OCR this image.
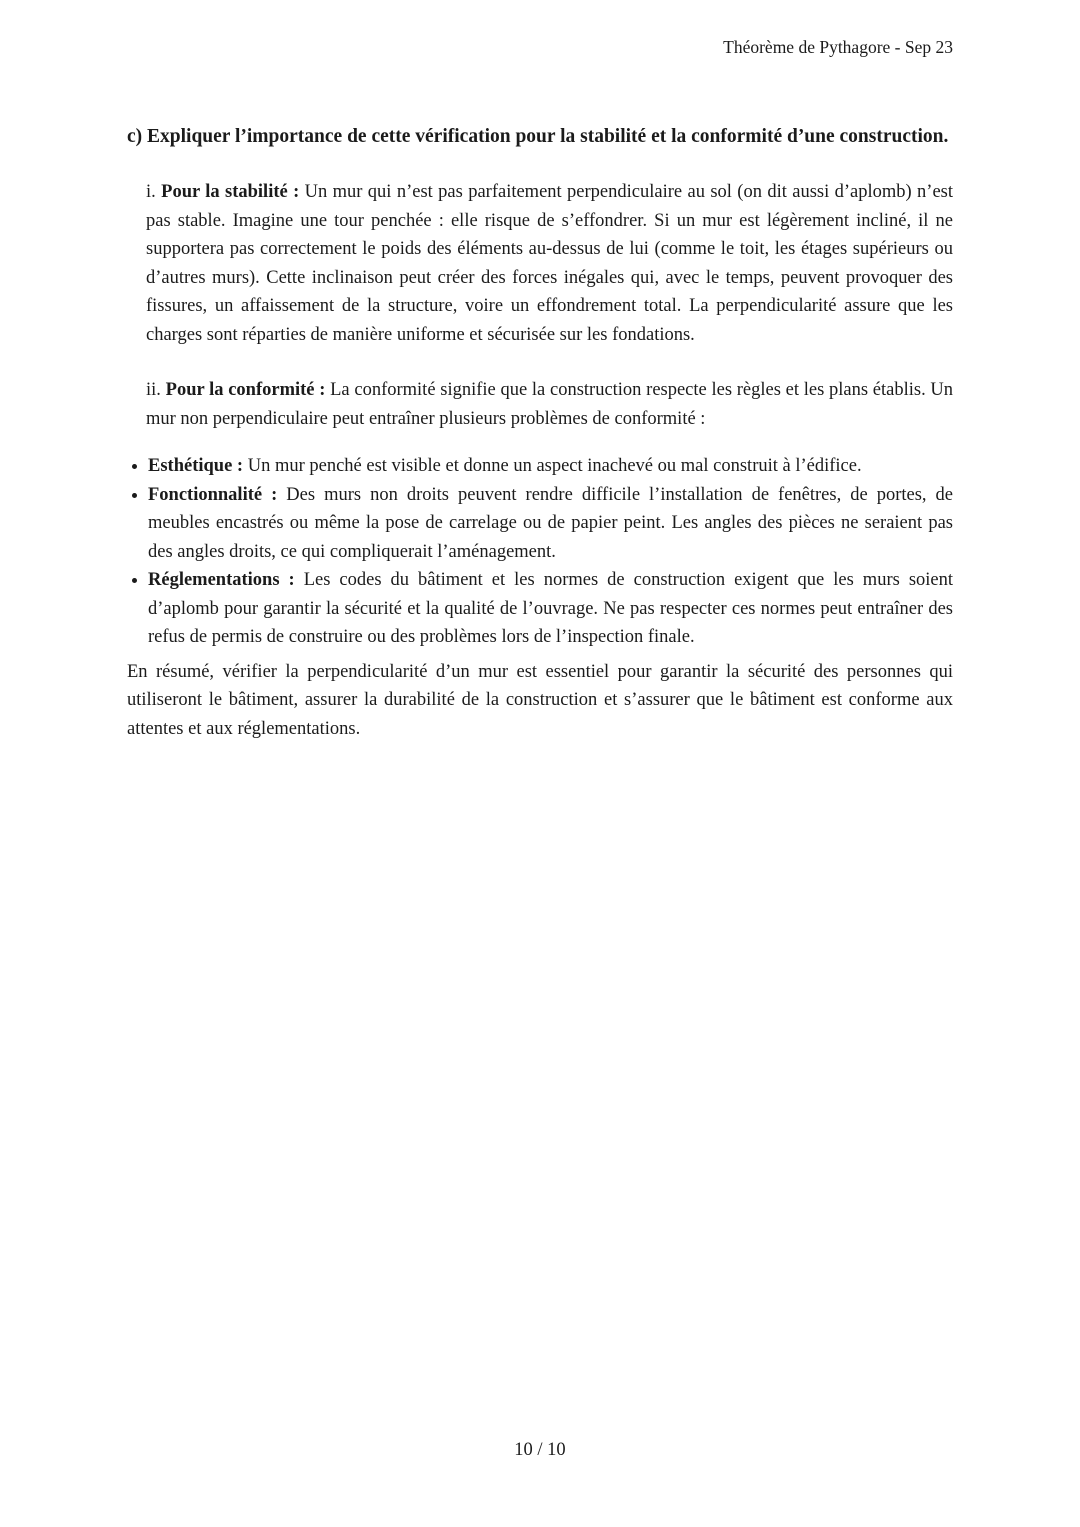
Théorème de Pythagore - Sep 23
c) Expliquer l’importance de cette vérification pour la stabilité et la conformité d’une construction.

i. Pour la stabilité : Un mur qui n’est pas parfaitement perpendiculaire au sol (on dit aussi d’aplomb) n’est pas stable. Imagine une tour penchée : elle risque de s’effondrer. Si un mur est légèrement incliné, il ne supportera pas correctement le poids des éléments au-dessus de lui (comme le toit, les étages supérieurs ou d’autres murs). Cette inclinaison peut créer des forces inégales qui, avec le temps, peuvent provoquer des fissures, un affaissement de la structure, voire un effondrement total. La perpendicularité assure que les charges sont réparties de manière uniforme et sécurisée sur les fondations.

ii. Pour la conformité : La conformité signifie que la construction respecte les règles et les plans établis. Un mur non perpendiculaire peut entraîner plusieurs problèmes de conformité :

Esthétique : Un mur penché est visible et donne un aspect inachevé ou mal construit à l’édifice.
Fonctionnalité : Des murs non droits peuvent rendre difficile l’installation de fenêtres, de portes, de meubles encastrés ou même la pose de carrelage ou de papier peint. Les angles des pièces ne seraient pas des angles droits, ce qui compliquerait l’aménagement.
Réglementations : Les codes du bâtiment et les normes de construction exigent que les murs soient d’aplomb pour garantir la sécurité et la qualité de l’ouvrage. Ne pas respecter ces normes peut entraîner des refus de permis de construire ou des problèmes lors de l’inspection finale.

En résumé, vérifier la perpendicularité d’un mur est essentiel pour garantir la sécurité des personnes qui utiliseront le bâtiment, assurer la durabilité de la construction et s’assurer que le bâtiment est conforme aux attentes et aux réglementations.

10 / 10
